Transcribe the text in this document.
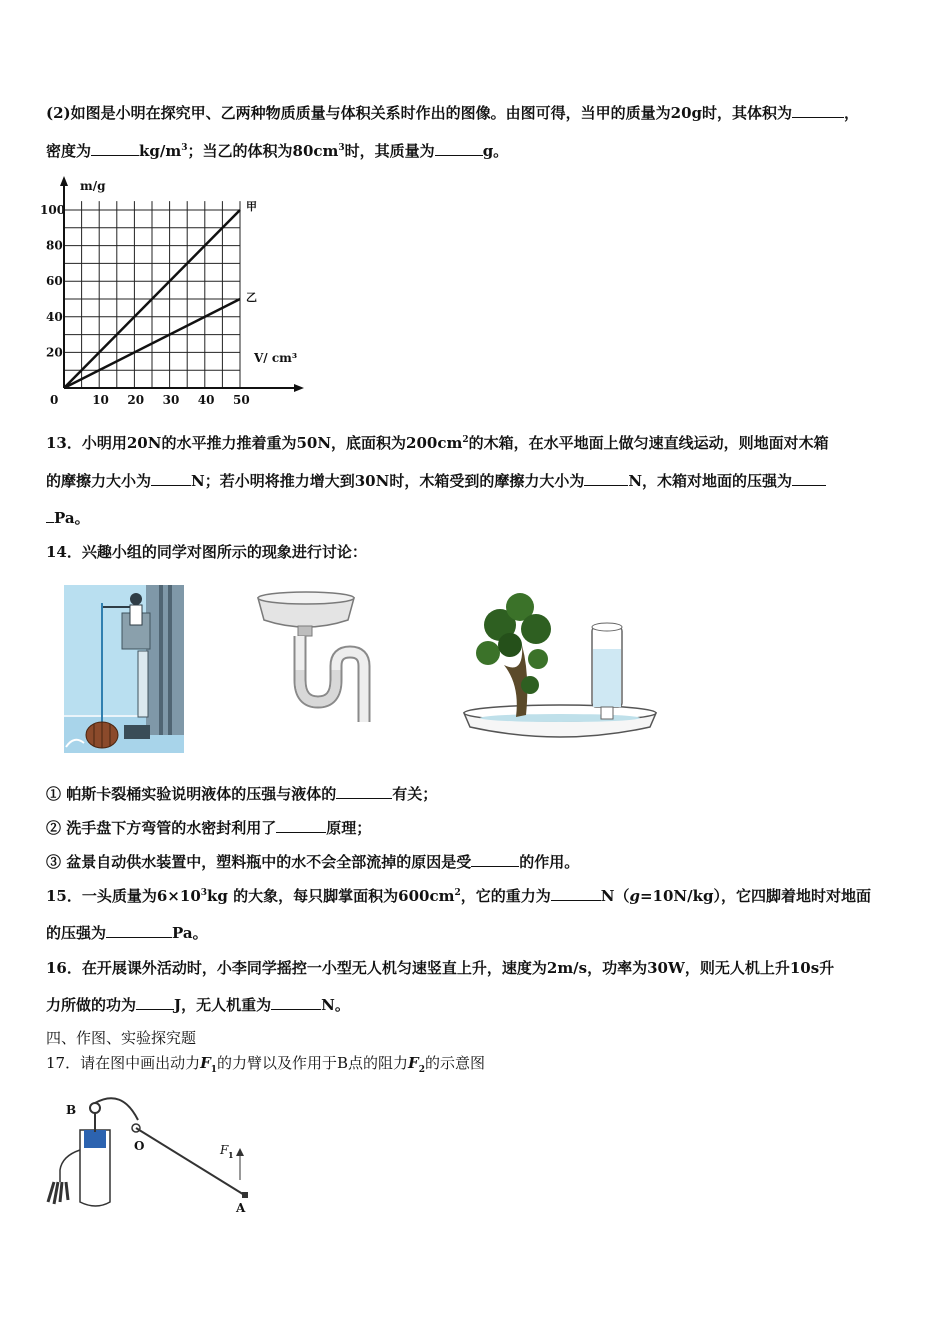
(2)如图是小明在探究甲、乙两种物质质量与体积关系时作出的图像。由图可得，当甲的质量为20g时，其体积为	，
密度为	$kg/m^3$；当乙的体积为$80cm^3$时，其质量为	g。
10 20 30 40 50
20
40
60
80
100
0
m/g
V/ cm³
甲
乙
13．小明用20N的水平推力推着重为50N，底面积为$200cm^2$的木箱，在水平地面上做匀速直线运动，则地面对木箱
的摩擦力大小为	N；若小明将推力增大到30N时，木箱受到的摩擦力大小为	N，木箱对地面的压强为
Pa。
14．兴趣小组的同学对图所示的现象进行讨论：
① 帕斯卡裂桶实验说明液体的压强与液体的	有关；
② 洗手盘下方弯管的水密封利用了	原理；
③ 盆景自动供水装置中，塑料瓶中的水不会全部流掉的原因是受	的作用。
15．一头质量为$6\times 10^3kg$ 的大象，每只脚掌面积为$600cm^2$，它的重力为	N（g=10N/kg），它四脚着地时对地面
的压强为	Pa。
16．在开展课外活动时，小李同学摇控一小型无人机匀速竖直上升，速度为2m/s，功率为30W，则无人机上升10s升
力所做的功为	J，无人机重为	N。
四、作图、实验探究题
17．请在图中画出动力$F_1$的力臂以及作用于B点的阻力$F_2$的示意图
B
O
A
F 1
